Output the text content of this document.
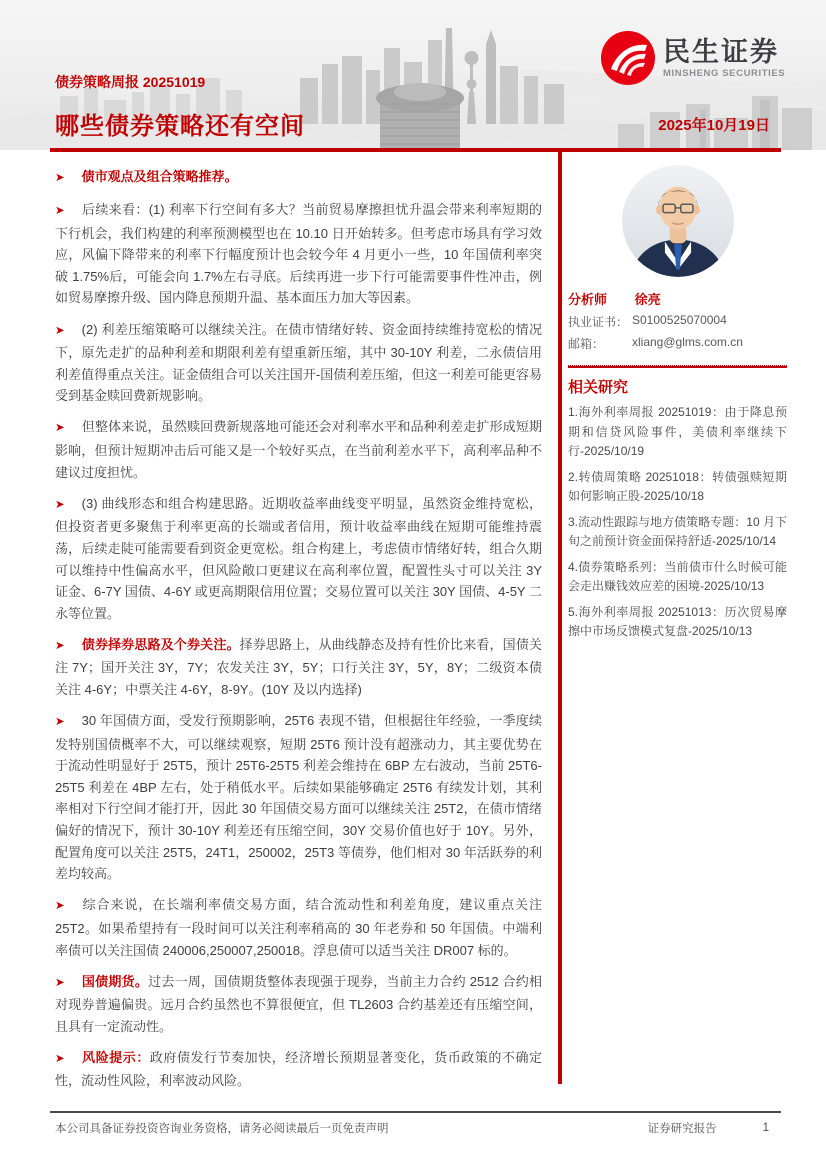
民生证券
MINSHENG SECURITIES
债券策略周报 20251019
哪些债券策略还有空间	2025年10月19日
➤ 债市观点及组合策略推荐。
➤ 后续来看：(1) 利率下行空间有多大？当前贸易摩擦担忧升温会带来利率短期的下行机会，我们构建的利率预测模型也在 10.10 日开始转多。但考虑市场具有学习效应，风偏下降带来的利率下行幅度预计也会较今年 4 月更小一些，10 年国债利率突破 1.75%后，可能会向 1.7%左右寻底。后续再进一步下行可能需要事件性冲击，例如贸易摩擦升级、国内降息预期升温、基本面压力加大等因素。
➤ (2) 利差压缩策略可以继续关注。在债市情绪好转、资金面持续维持宽松的情况下，原先走扩的品种利差和期限利差有望重新压缩，其中 30-10Y 利差，二永债信用利差值得重点关注。证金债组合可以关注国开-国债利差压缩，但这一利差可能更容易受到基金赎回费新规影响。
➤ 但整体来说，虽然赎回费新规落地可能还会对利率水平和品种利差走扩形成短期影响，但预计短期冲击后可能又是一个较好买点，在当前利差水平下，高利率品种不建议过度担忧。
➤ (3) 曲线形态和组合构建思路。近期收益率曲线变平明显，虽然资金维持宽松，但投资者更多聚焦于利率更高的长端或者信用，预计收益率曲线在短期可能维持震荡，后续走陡可能需要看到资金更宽松。组合构建上，考虑债市情绪好转，组合久期可以维持中性偏高水平，但风险敞口更建议在高利率位置，配置性头寸可以关注 3Y 证金、6-7Y 国债、4-6Y 或更高期限信用位置；交易位置可以关注 30Y 国债、4-5Y 二永等位置。
➤ 债券择券思路及个券关注。择券思路上，从曲线静态及持有性价比来看，国债关注 7Y；国开关注 3Y，7Y；农发关注 3Y，5Y；口行关注 3Y，5Y，8Y；二级资本债关注 4-6Y；中票关注 4-6Y，8-9Y。(10Y 及以内选择)
➤ 30 年国债方面，受发行预期影响，25T6 表现不错，但根据往年经验，一季度续发特别国债概率不大，可以继续观察，短期 25T6 预计没有超涨动力，其主要优势在于流动性明显好于 25T5，预计 25T6-25T5 利差会维持在 6BP 左右波动，当前 25T6-25T5 利差在 4BP 左右，处于稍低水平。后续如果能够确定 25T6 有续发计划，其利率相对下行空间才能打开，因此 30 年国债交易方面可以继续关注 25T2，在债市情绪偏好的情况下，预计 30-10Y 利差还有压缩空间，30Y 交易价值也好于 10Y。另外，配置角度可以关注 25T5，24T1，250002，25T3 等债券，他们相对 30 年活跃券的利差均较高。
➤ 综合来说，在长端利率债交易方面，结合流动性和利差角度，建议重点关注 25T2。如果希望持有一段时间可以关注利率稍高的 30 年老券和 50 年国债。中端利率债可以关注国债 240006,250007,250018。浮息债可以适当关注 DR007 标的。
➤ 国债期货。过去一周，国债期货整体表现强于现券，当前主力合约 2512 合约相对现券普遍偏贵。远月合约虽然也不算很便宜，但 TL2603 合约基差还有压缩空间，且具有一定流动性。
➤ 风险提示：政府债发行节奏加快，经济增长预期显著变化，货币政策的不确定性，流动性风险，利率波动风险。
分析师 徐亮
执业证书： S0100525070004
邮箱：	xliang@glms.com.cn
相关研究
1.海外利率周报 20251019：由于降息预期和信贷风险事件，美债利率继续下行-2025/10/19
2.转债周策略 20251018：转债强赎短期如何影响正股-2025/10/18
3.流动性跟踪与地方债策略专题：10 月下旬之前预计资金面保持舒适-2025/10/14
4.债券策略系列：当前债市什么时候可能会走出赚钱效应差的困境-2025/10/13
5.海外利率周报 20251013：历次贸易摩擦中市场反馈模式复盘-2025/10/13
本公司具备证券投资咨询业务资格，请务必阅读最后一页免责声明	证券研究报告	1
